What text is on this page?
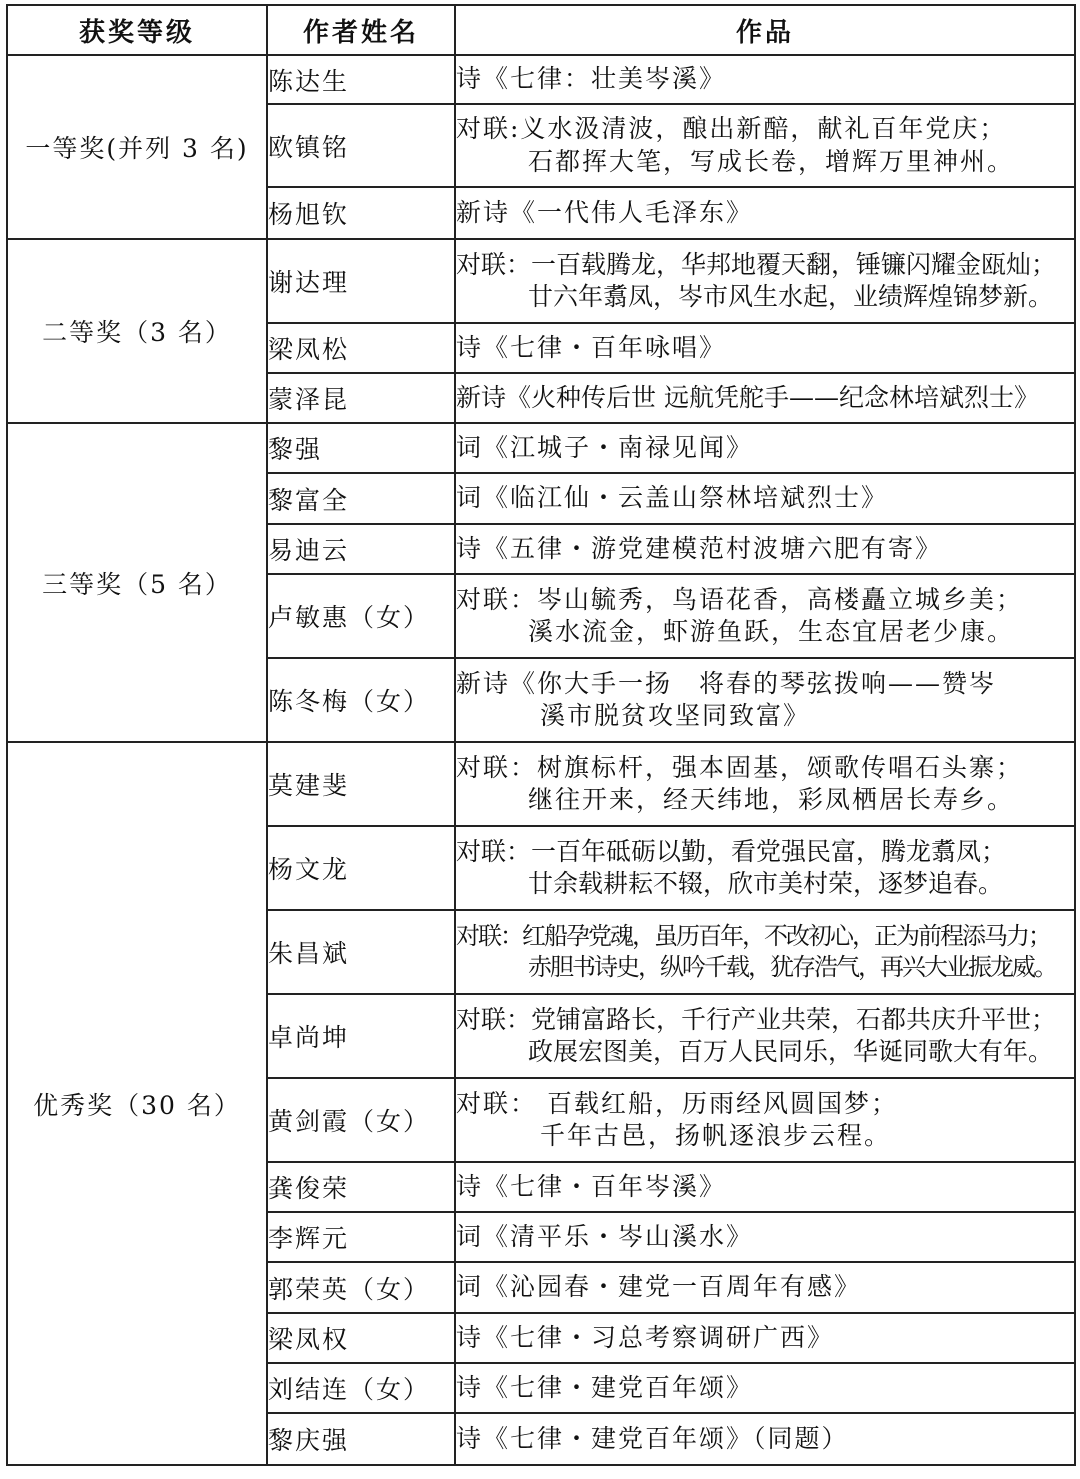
获奖等级	作者姓名	作品
一等奖(并列 3 名)	陈达生	诗《七律：壮美岑溪》

	欧镇铭	对联:义水汲清波，酿出新醅，献礼百年党庆；
石都挥大笔，写成长卷，增辉万里神州。

	杨旭钦	新诗《一代伟人毛泽东》

二等奖（3 名）	谢达理	对联：一百载腾龙，华邦地覆天翻，锤镰闪耀金瓯灿；
廿六年翥凤，岑市风生水起，业绩辉煌锦梦新。

	梁凤松	诗《七律・百年咏唱》

	蒙泽昆	新诗《火种传后世 远航凭舵手——纪念林培斌烈士》

三等奖（5 名）	黎强	词《江城子・南禄见闻》

	黎富全	词《临江仙・云盖山祭林培斌烈士》

	易迪云	诗《五律・游党建模范村波塘六肥有寄》

	卢敏惠（女）	对联：岑山毓秀，鸟语花香，高楼矗立城乡美；
溪水流金，虾游鱼跃，生态宜居老少康。

	陈冬梅（女）	新诗《你大手一扬　将春的琴弦拨响——赞岑
溪市脱贫攻坚同致富》

优秀奖（30 名）	莫建斐	对联：树旗标杆，强本固基，颂歌传唱石头寨；
继往开来，经天纬地，彩凤栖居长寿乡。

	杨文龙	对联：一百年砥砺以勤，看党强民富，腾龙翥凤；
廿余载耕耘不辍，欣市美村荣，逐梦追春。

	朱昌斌	对联：红船孕党魂，虽历百年，不改初心，正为前程添马力；
赤胆书诗史，纵吟千载，犹存浩气，再兴大业振龙威。

	卓尚坤	对联：党铺富路长，千行产业共荣，石都共庆升平世；
政展宏图美，百万人民同乐，华诞同歌大有年。

	黄剑霞（女）	对联： 百载红船，历雨经风圆国梦；
千年古邑，扬帆逐浪步云程。

	龚俊荣	诗《七律・百年岑溪》

	李辉元	词《清平乐・岑山溪水》

	郭荣英（女）	词《沁园春・建党一百周年有感》

	梁凤权	诗《七律・习总考察调研广西》

	刘结连（女）	诗《七律・建党百年颂》

	黎庆强	诗《七律・建党百年颂》（同题）
